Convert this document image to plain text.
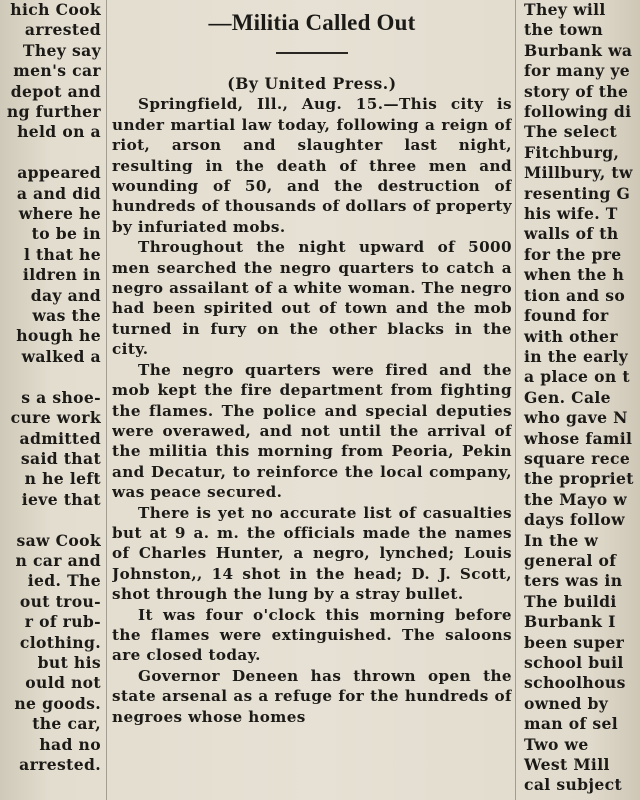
hich Cook
arrested
They say
men's car
depot and
ng further
held on a
appeared
a and did
where he
to be in
l that he
ildren in
day and
was the
hough he
walked a
s a shoe-
cure work
admitted
said that
n he left
ieve that
saw Cook
n car and
ied. The
out trou-
r of rub-
clothing.
but his
ould not
ne goods.
the car,
had no
arrested.
—Militia Called Out
(By United Press.)

Springfield, Ill., Aug. 15.—This city is under martial law today, following a reign of riot, arson and slaughter last night, resulting in the death of three men and wounding of 50, and the destruction of hundreds of thousands of dollars of property by infuriated mobs.

Throughout the night upward of 5000 men searched the negro quarters to catch a negro assailant of a white woman. The negro had been spirited out of town and the mob turned in fury on the other blacks in the city.

The negro quarters were fired and the mob kept the fire department from fighting the flames. The police and special deputies were overawed, and not until the arrival of the militia this morning from Peoria, Pekin and Decatur, to reinforce the local company, was peace secured.

There is yet no accurate list of casualties but at 9 a. m. the officials made the names of Charles Hunter, a negro, lynched; Louis Johnston,, 14 shot in the head; D. J. Scott, shot through the lung by a stray bullet.

It was four o'clock this morning before the flames were extinguished. The saloons are closed today.

Governor Deneen has thrown open the state arsenal as a refuge for the hundreds of negroes whose homes

They will
the town
Burbank wa
for many ye
story of the
following di
The select
Fitchburg,
Millbury, tw
resenting G
his wife. T
walls of th
for the pre
when the h
tion and so
found for
with other
in the early
a place on t
Gen. Cale
who gave N
whose famil
square rece
the propriet
the Mayo w
days follow
In the w
general of
ters was in
The buildi
Burbank I
been super
school buil
schoolhous
owned by
man of sel
Two we
West Mill
cal subject
